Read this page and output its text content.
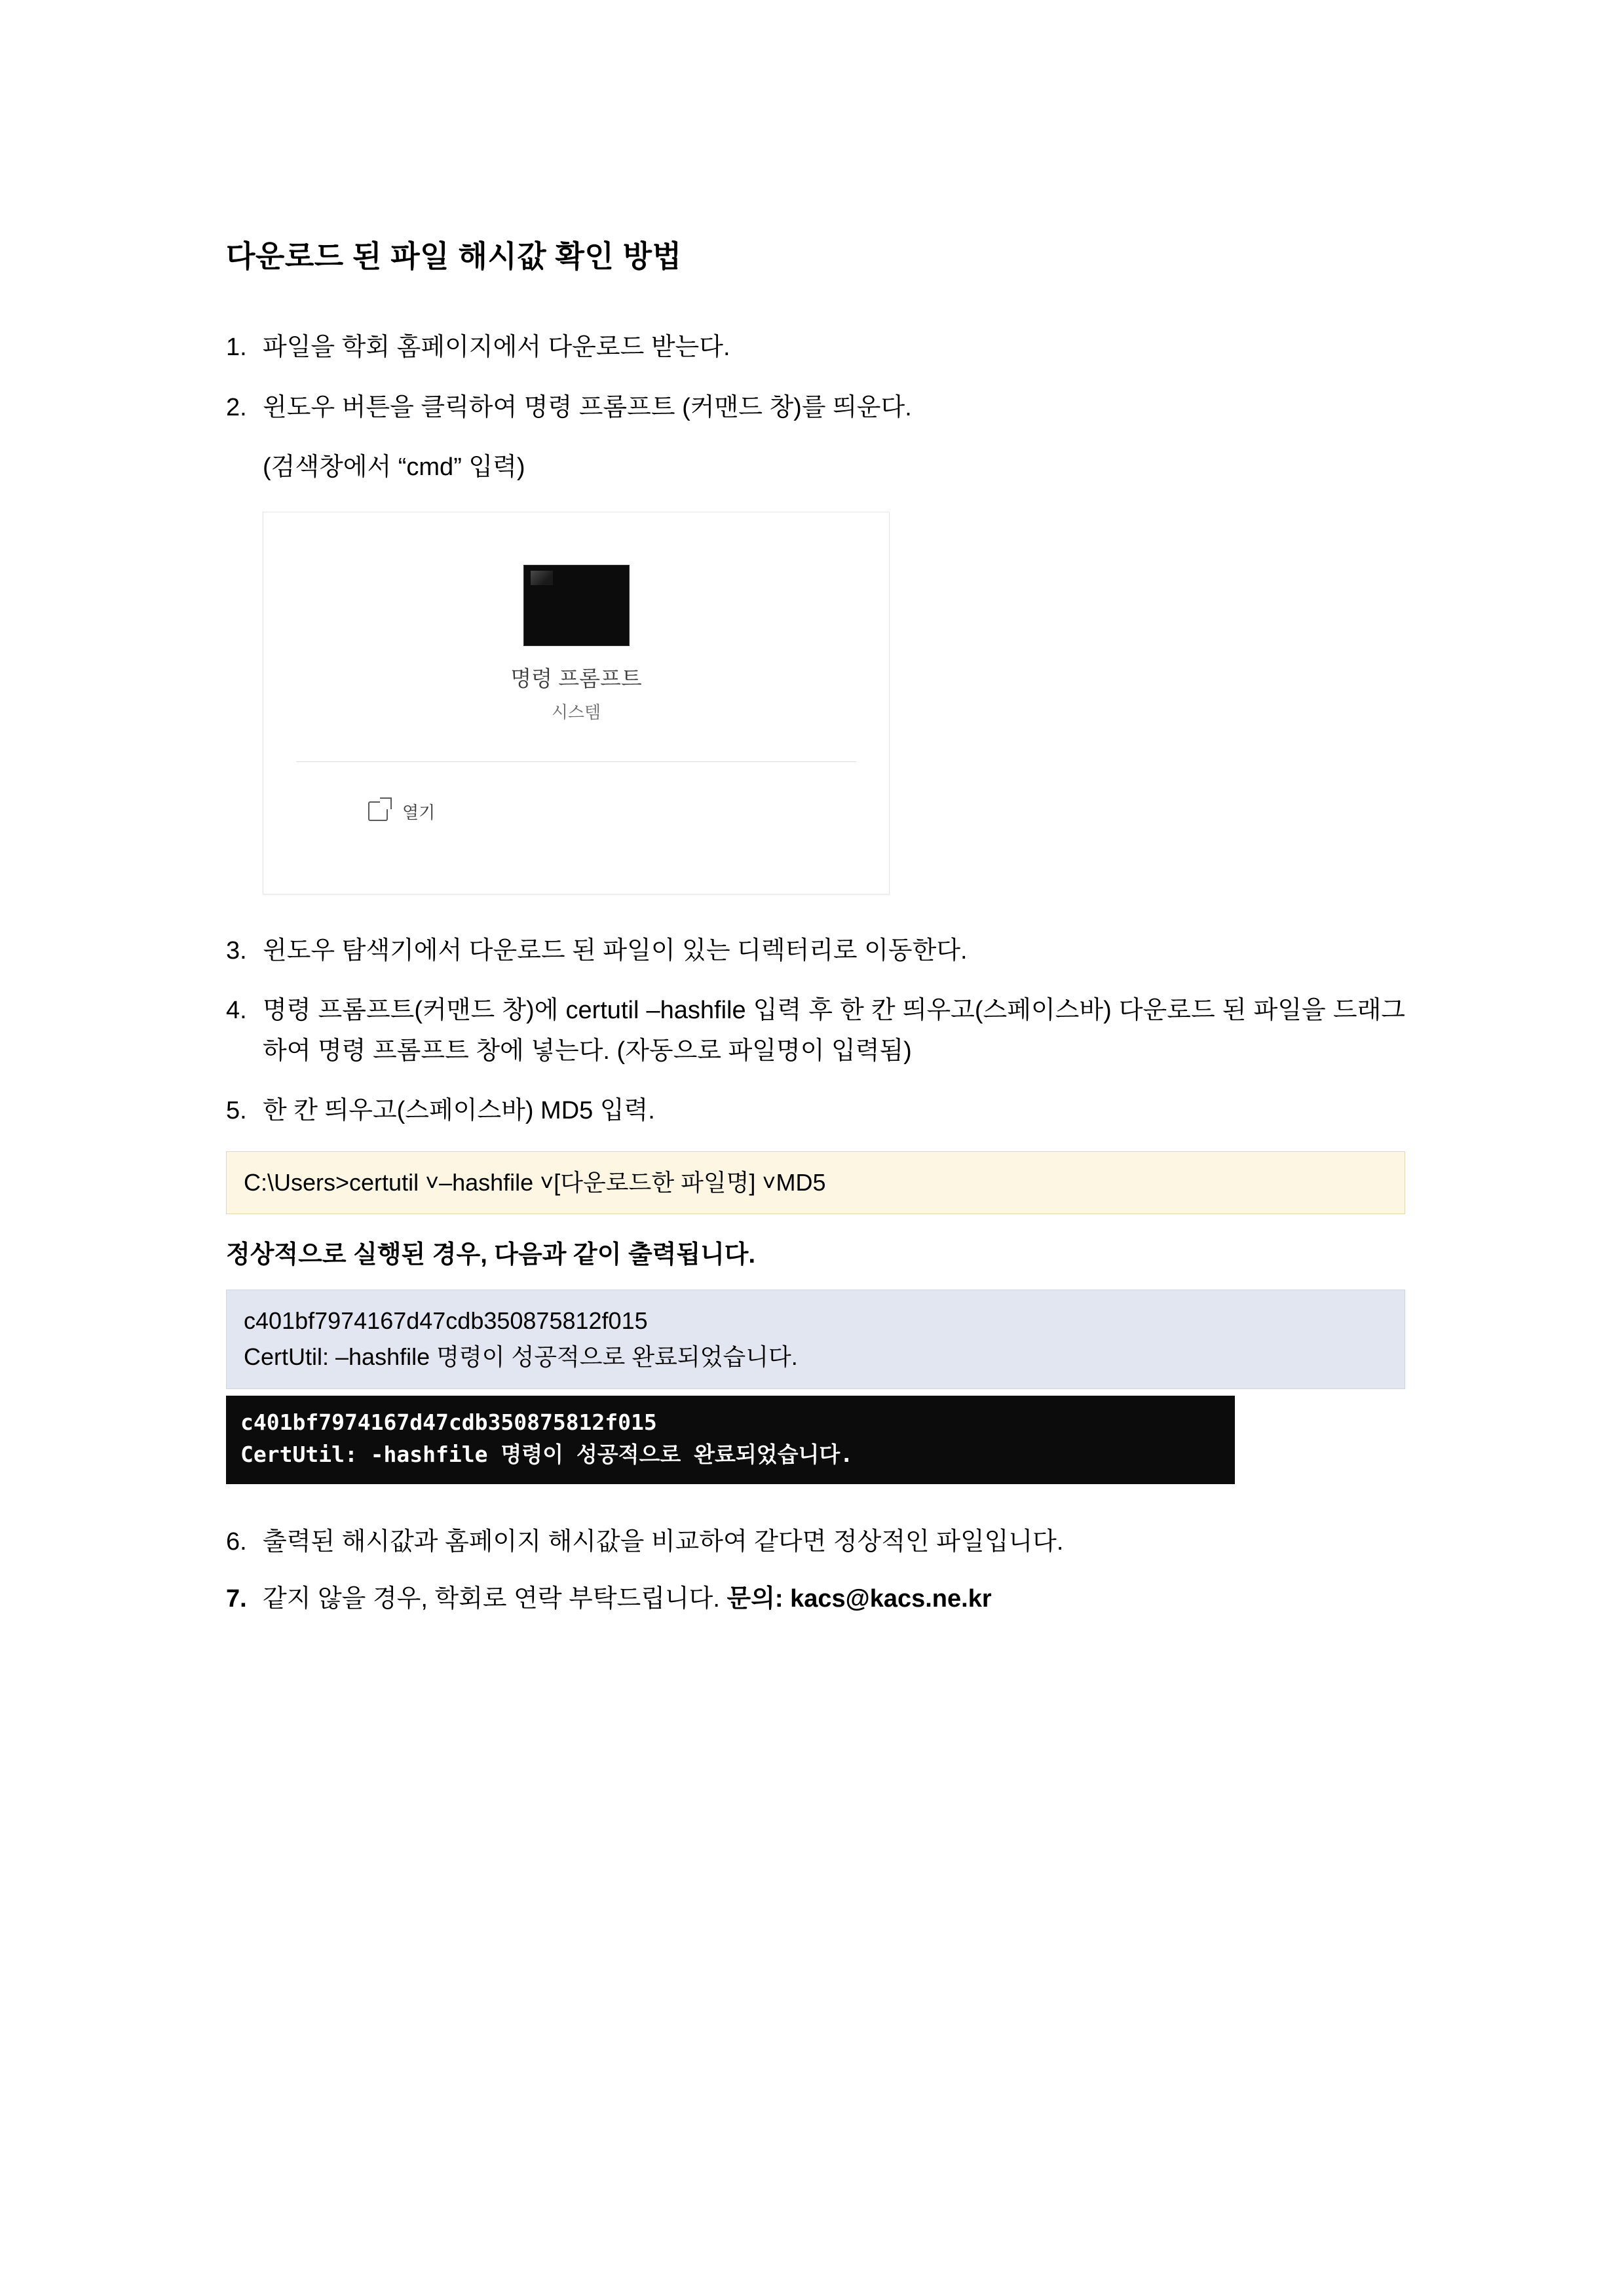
다운로드 된 파일 해시값 확인 방법
1. 파일을 학회 홈페이지에서 다운로드 받는다.
2. 윈도우 버튼을 클릭하여 명령 프롬프트 (커맨드 창)를 띄운다.
(검색창에서 “cmd” 입력)
명령 프롬프트
시스템
열기
3. 윈도우 탐색기에서 다운로드 된 파일이 있는 디렉터리로 이동한다.
4. 명령 프롬프트(커맨드 창)에 certutil –hashfile 입력 후 한 칸 띄우고(스페이스바) 다운로드 된 파일을 드래그하여 명령 프롬프트 창에 넣는다. (자동으로 파일명이 입력됨)
5. 한 칸 띄우고(스페이스바) MD5 입력.
C:\Users>certutil ˅–hashfile ˅[다운로드한 파일명] ˅MD5
정상적으로 실행된 경우, 다음과 같이 출력됩니다.
c401bf7974167d47cdb350875812f015
CertUtil: –hashfile 명령이 성공적으로 완료되었습니다.
c401bf7974167d47cdb350875812f015
CertUtil: -hashfile 명령이 성공적으로 완료되었습니다.
6. 출력된 해시값과 홈페이지 해시값을 비교하여 같다면 정상적인 파일입니다.
7. 같지 않을 경우, 학회로 연락 부탁드립니다. 문의: kacs@kacs.ne.kr
